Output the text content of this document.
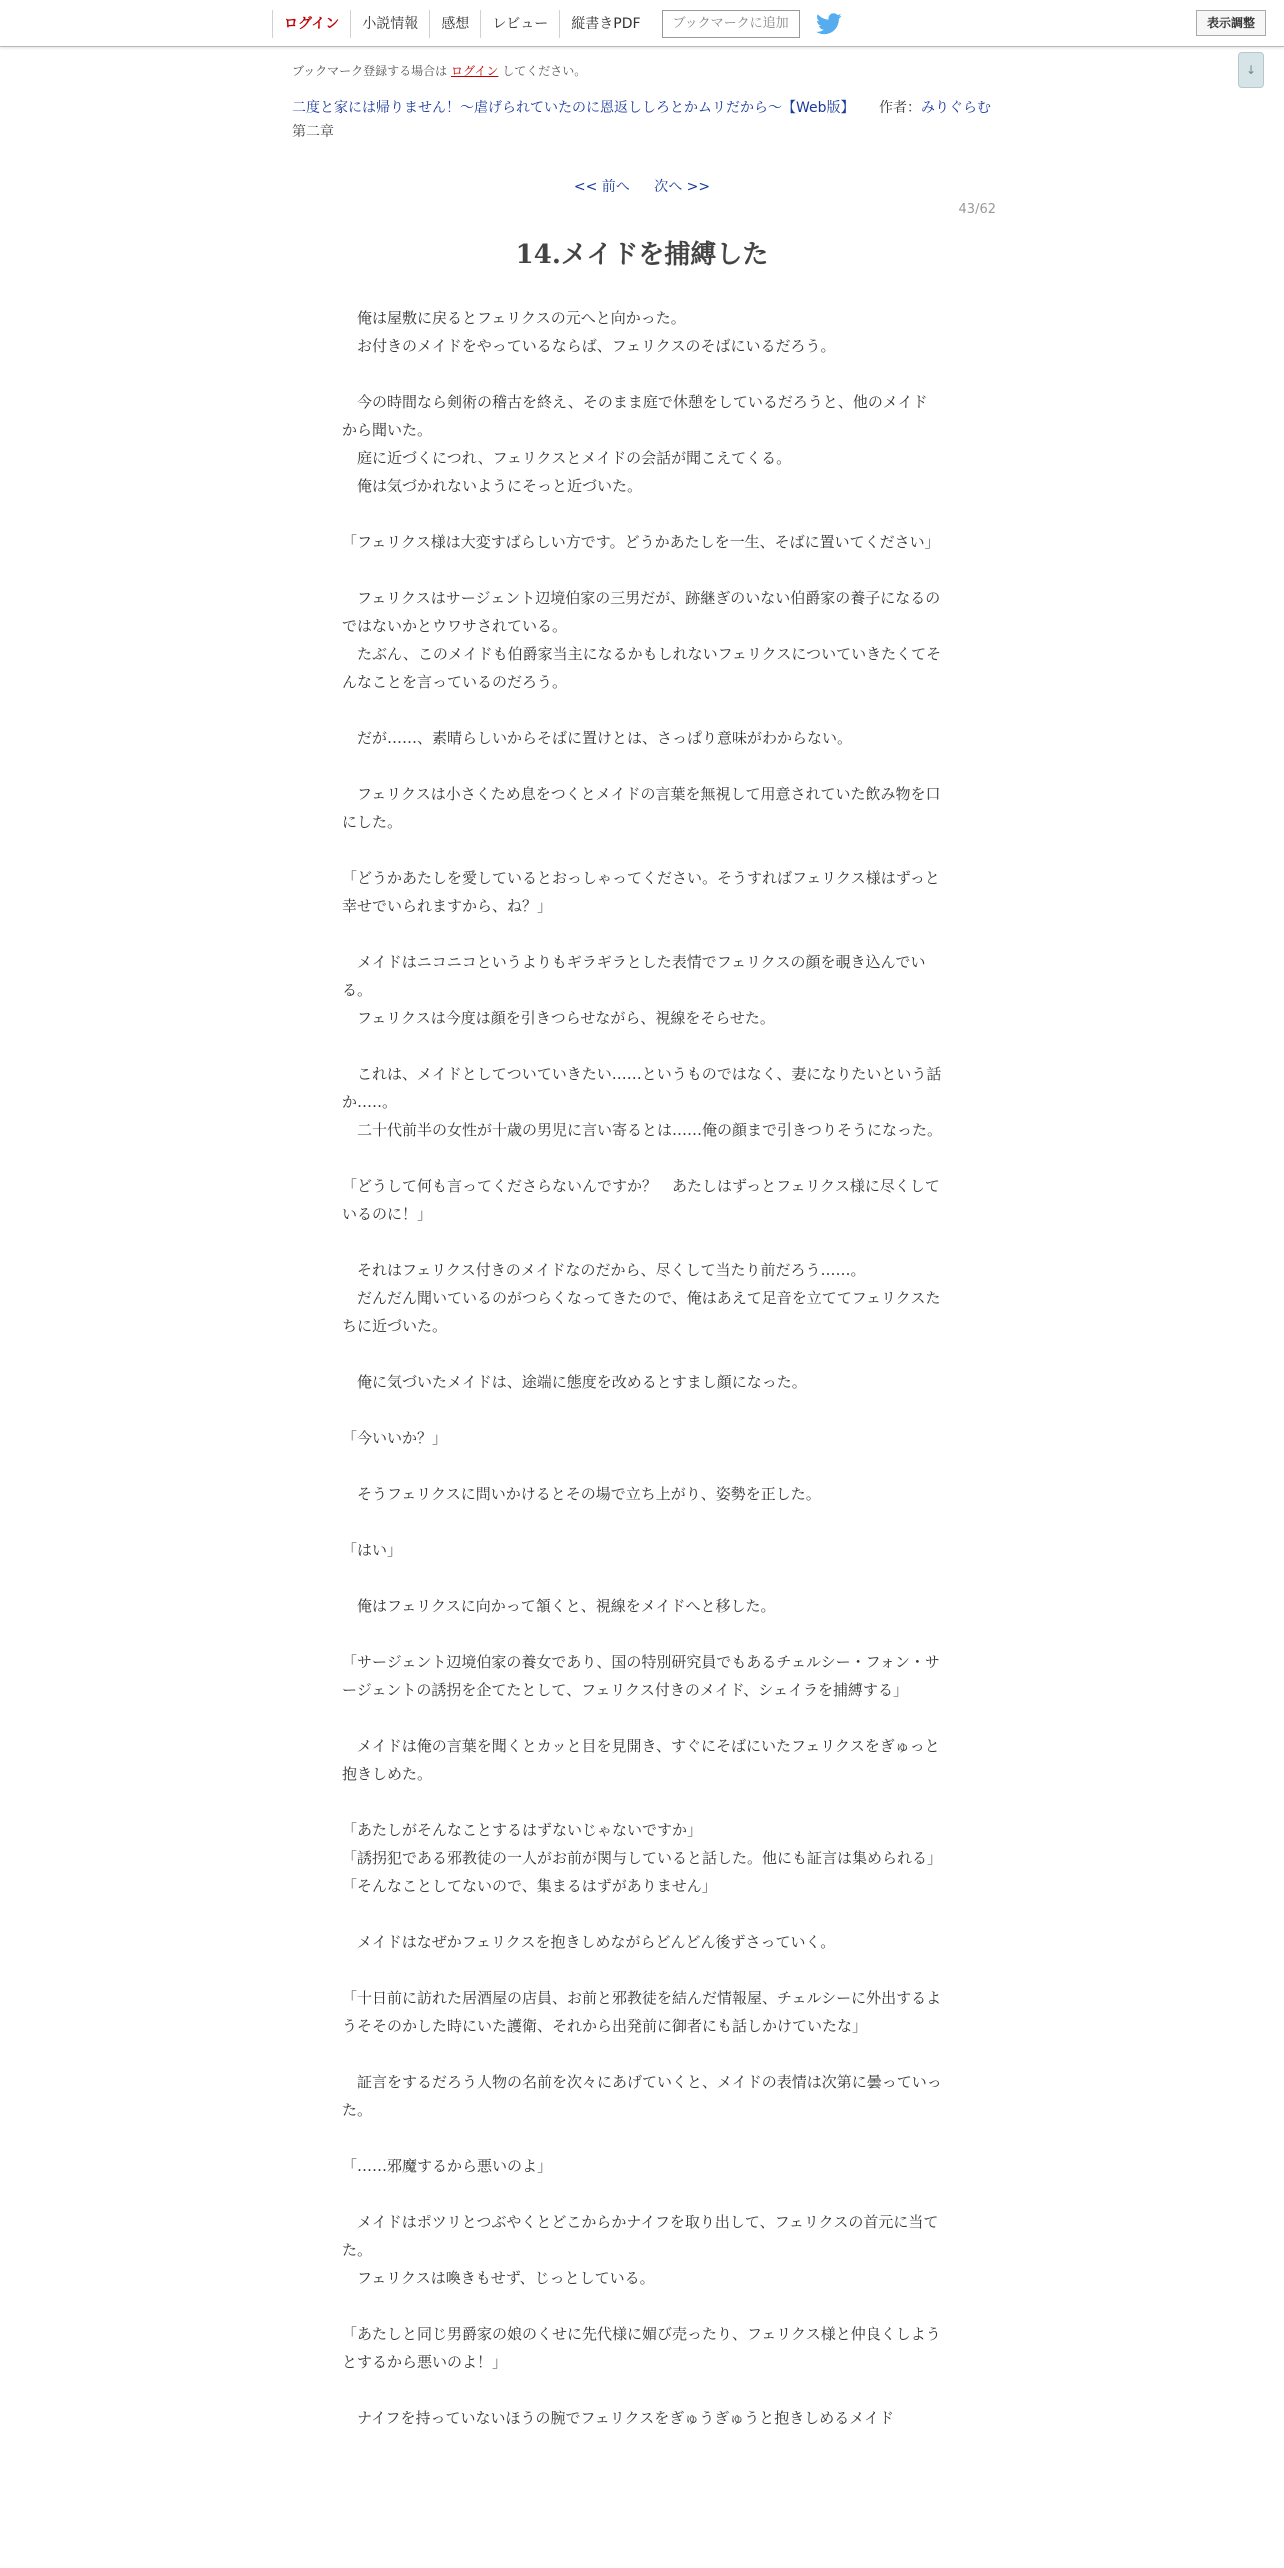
ログイン	小説情報	感想	レビュー	縦書きPDF	ブックマークに追加	表示調整
↓
ブックマーク登録する場合は ログイン してください。
二度と家には帰りません！～虐げられていたのに恩返ししろとかムリだから～【Web版】 作者：みりぐらむ
第二章
<< 前へ 次へ >>
43/62
14.メイドを捕縛した

　俺は屋敷に戻るとフェリクスの元へと向かった。

　お付きのメイドをやっているならば、フェリクスのそばにいるだろう。

　今の時間なら剣術の稽古を終え、そのまま庭で休憩をしているだろうと、他のメイドから聞いた。

　庭に近づくにつれ、フェリクスとメイドの会話が聞こえてくる。

　俺は気づかれないようにそっと近づいた。

「フェリクス様は大変すばらしい方です。どうかあたしを一生、そばに置いてください」

　フェリクスはサージェント辺境伯家の三男だが、跡継ぎのいない伯爵家の養子になるのではないかとウワサされている。

　たぶん、このメイドも伯爵家当主になるかもしれないフェリクスについていきたくてそんなことを言っているのだろう。

　だが……、素晴らしいからそばに置けとは、さっぱり意味がわからない。

　フェリクスは小さくため息をつくとメイドの言葉を無視して用意されていた飲み物を口にした。

「どうかあたしを愛しているとおっしゃってください。そうすればフェリクス様はずっと幸せでいられますから、ね？」

　メイドはニコニコというよりもギラギラとした表情でフェリクスの顔を覗き込んでいる。

　フェリクスは今度は顔を引きつらせながら、視線をそらせた。

　これは、メイドとしてついていきたい……というものではなく、妻になりたいという話か…‥。

　二十代前半の女性が十歳の男児に言い寄るとは……俺の顔まで引きつりそうになった。

「どうして何も言ってくださらないんですか？　あたしはずっとフェリクス様に尽くしているのに！」

　それはフェリクス付きのメイドなのだから、尽くして当たり前だろう……。

　だんだん聞いているのがつらくなってきたので、俺はあえて足音を立ててフェリクスたちに近づいた。

　俺に気づいたメイドは、途端に態度を改めるとすまし顔になった。

「今いいか？」

　そうフェリクスに問いかけるとその場で立ち上がり、姿勢を正した。

「はい」

　俺はフェリクスに向かって頷くと、視線をメイドへと移した。

「サージェント辺境伯家の養女であり、国の特別研究員でもあるチェルシー・フォン・サージェントの誘拐を企てたとして、フェリクス付きのメイド、シェイラを捕縛する」

　メイドは俺の言葉を聞くとカッと目を見開き、すぐにそばにいたフェリクスをぎゅっと抱きしめた。

「あたしがそんなことするはずないじゃないですか」

「誘拐犯である邪教徒の一人がお前が関与していると話した。他にも証言は集められる」

「そんなことしてないので、集まるはずがありません」

　メイドはなぜかフェリクスを抱きしめながらどんどん後ずさっていく。

「十日前に訪れた居酒屋の店員、お前と邪教徒を結んだ情報屋、チェルシーに外出するようそそのかした時にいた護衛、それから出発前に御者にも話しかけていたな」

　証言をするだろう人物の名前を次々にあげていくと、メイドの表情は次第に曇っていった。

「……邪魔するから悪いのよ」

　メイドはポツリとつぶやくとどこからかナイフを取り出して、フェリクスの首元に当てた。

　フェリクスは喚きもせず、じっとしている。

「あたしと同じ男爵家の娘のくせに先代様に媚び売ったり、フェリクス様と仲良くしようとするから悪いのよ！」

　ナイフを持っていないほうの腕でフェリクスをぎゅうぎゅうと抱きしめるメイド
